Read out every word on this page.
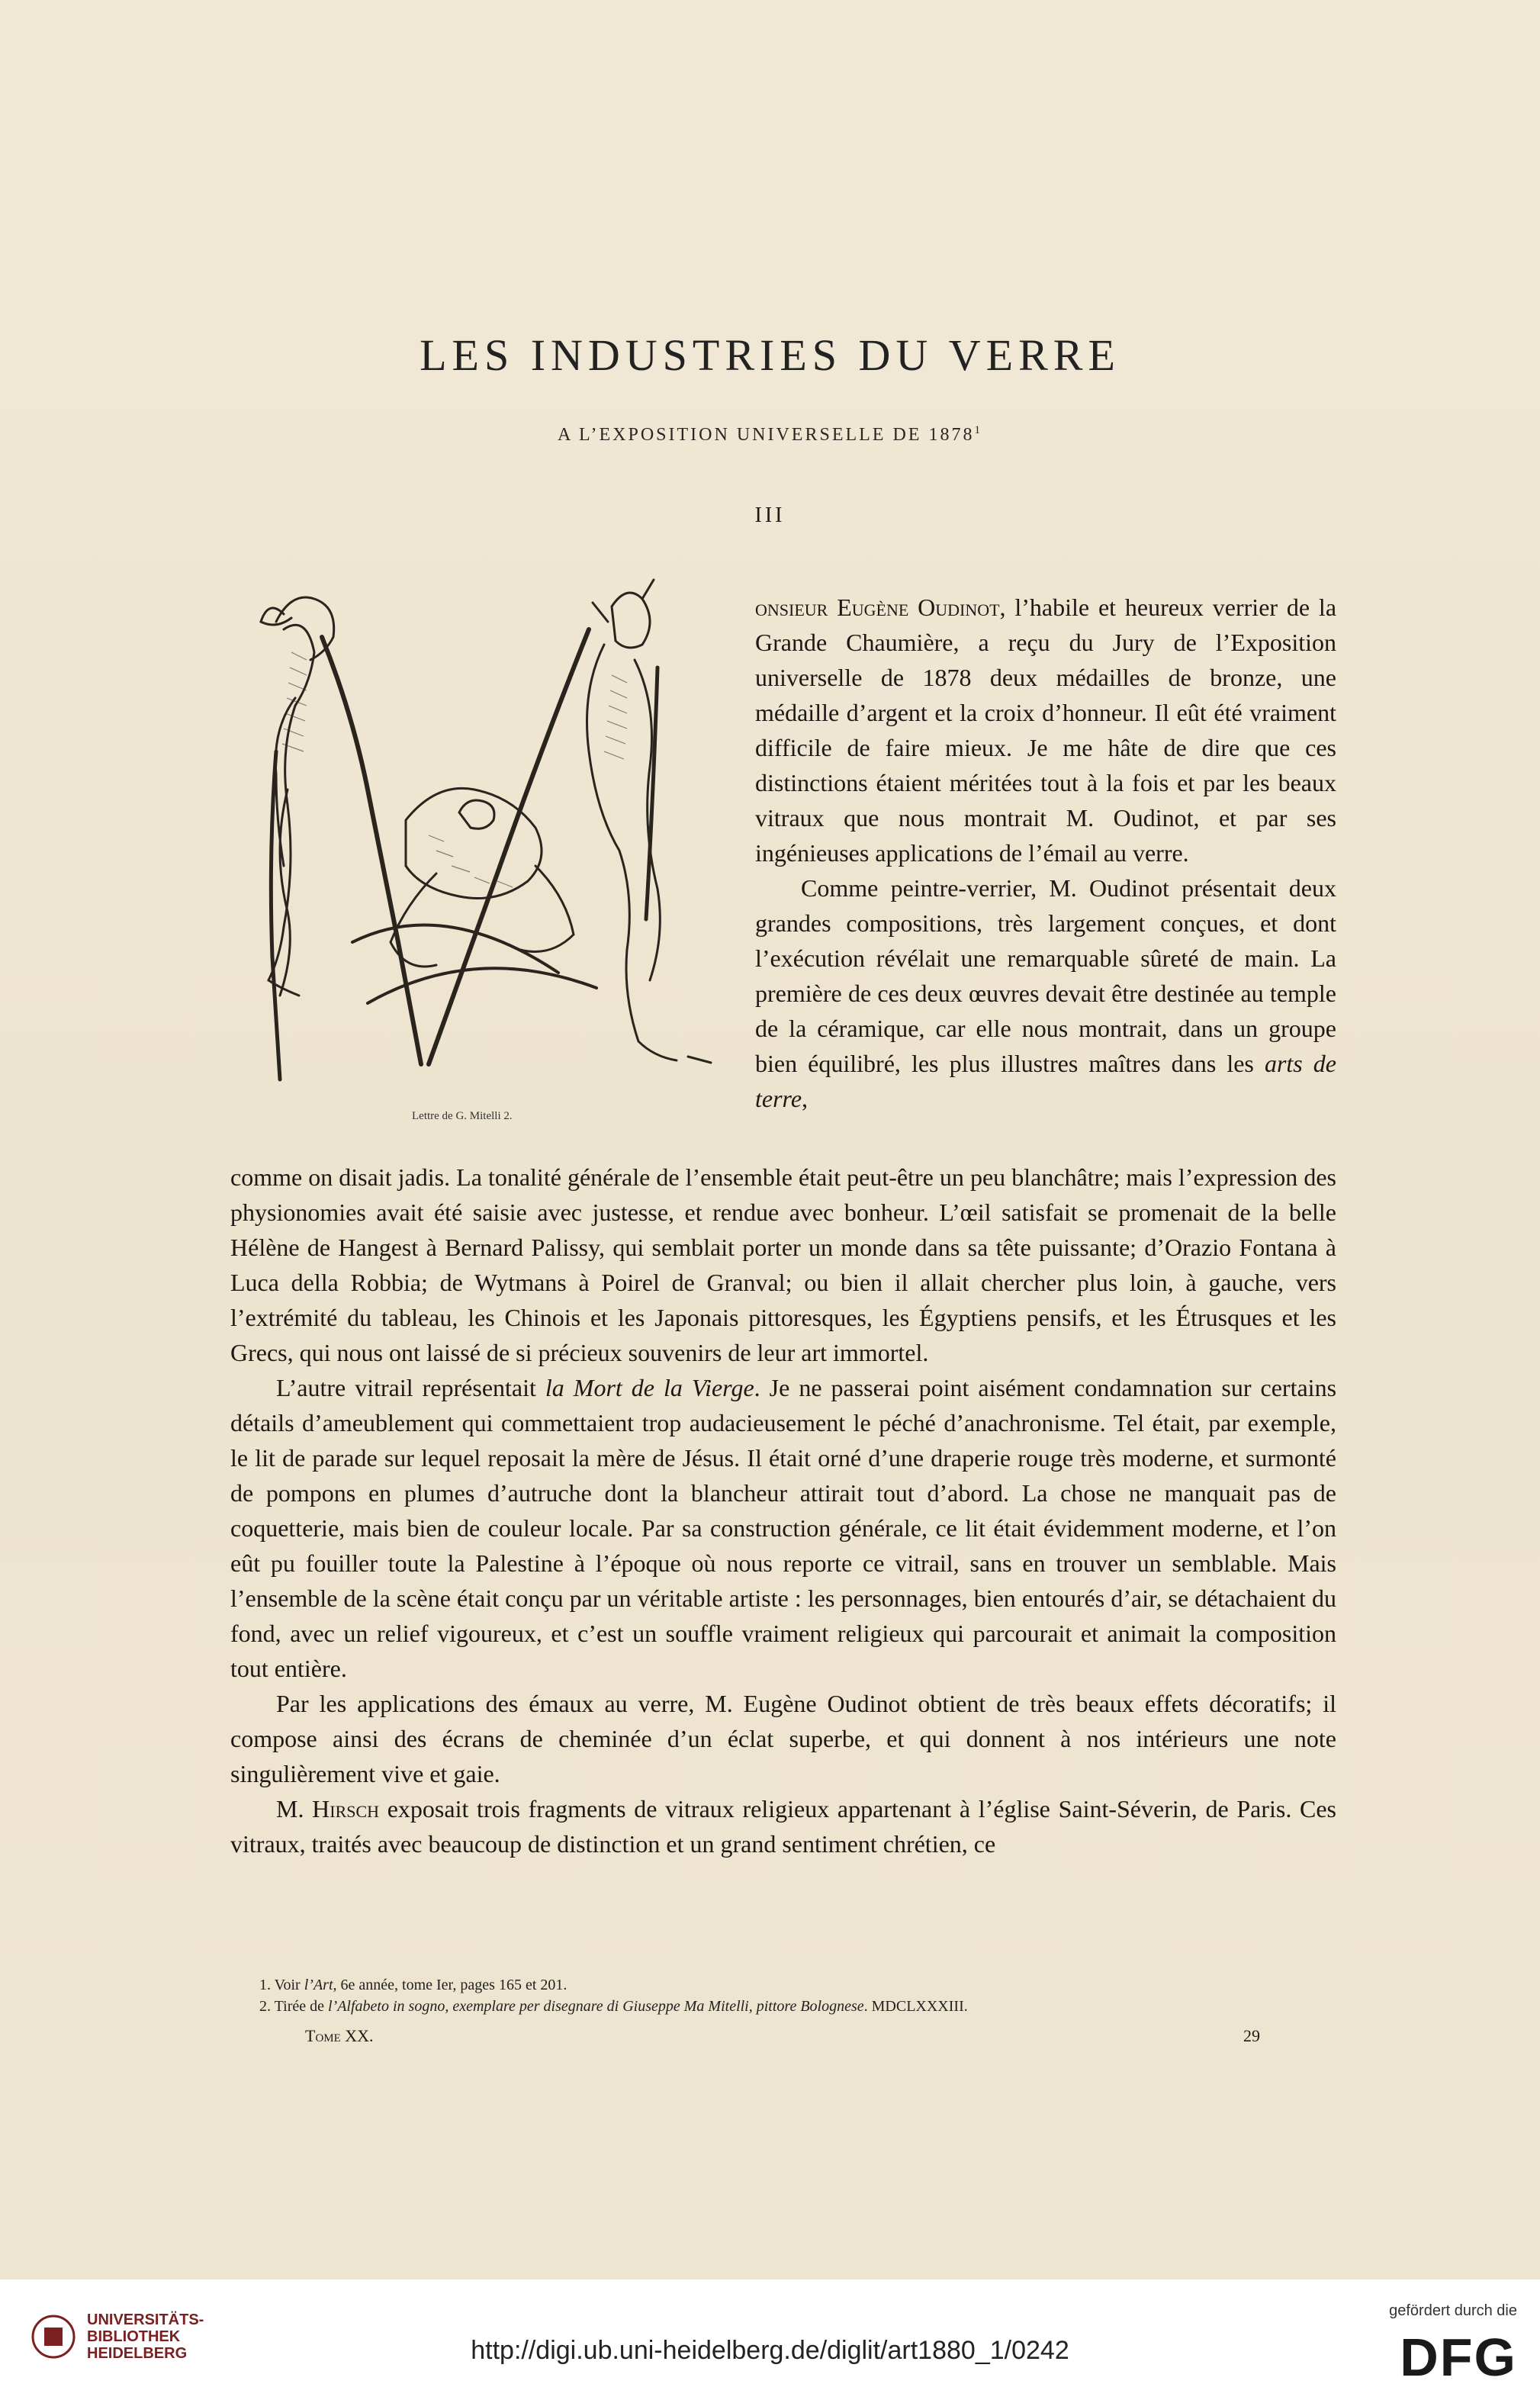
LES INDUSTRIES DU VERRE
A L’EXPOSITION UNIVERSELLE DE 1878$^1$
III
Lettre de G. Mitelli 2.

onsieur Eugène Oudinot, l’habile et heureux verrier de la Grande Chaumière, a reçu du Jury de l’Exposition universelle de 1878 deux médailles de bronze, une médaille d’argent et la croix d’honneur. Il eût été vraiment difficile de faire mieux. Je me hâte de dire que ces distinctions étaient méritées tout à la fois et par les beaux vitraux que nous montrait M. Oudinot, et par ses ingénieuses applications de l’émail au verre.

Comme peintre-verrier, M. Oudinot présentait deux grandes compositions, très largement conçues, et dont l’exécution révélait une remarquable sûreté de main. La première de ces deux œuvres devait être destinée au temple de la céramique, car elle nous montrait, dans un groupe bien équilibré, les plus illustres maîtres dans les arts de terre,

comme on disait jadis. La tonalité générale de l’ensemble était peut-être un peu blanchâtre; mais l’expression des physionomies avait été saisie avec justesse, et rendue avec bonheur. L’œil satisfait se promenait de la belle Hélène de Hangest à Bernard Palissy, qui semblait porter un monde dans sa tête puissante; d’Orazio Fontana à Luca della Robbia; de Wytmans à Poirel de Granval; ou bien il allait chercher plus loin, à gauche, vers l’extrémité du tableau, les Chinois et les Japonais pittoresques, les Égyptiens pensifs, et les Étrusques et les Grecs, qui nous ont laissé de si précieux souvenirs de leur art immortel.

L’autre vitrail représentait la Mort de la Vierge. Je ne passerai point aisément condamnation sur certains détails d’ameublement qui commettaient trop audacieusement le péché d’anachronisme. Tel était, par exemple, le lit de parade sur lequel reposait la mère de Jésus. Il était orné d’une draperie rouge très moderne, et surmonté de pompons en plumes d’autruche dont la blancheur attirait tout d’abord. La chose ne manquait pas de coquetterie, mais bien de couleur locale. Par sa construction générale, ce lit était évidemment moderne, et l’on eût pu fouiller toute la Palestine à l’époque où nous reporte ce vitrail, sans en trouver un semblable. Mais l’ensemble de la scène était conçu par un véritable artiste : les personnages, bien entourés d’air, se détachaient du fond, avec un relief vigoureux, et c’est un souffle vraiment religieux qui parcourait et animait la composition tout entière.

Par les applications des émaux au verre, M. Eugène Oudinot obtient de très beaux effets décoratifs; il compose ainsi des écrans de cheminée d’un éclat superbe, et qui donnent à nos intérieurs une note singulièrement vive et gaie.

M. Hirsch exposait trois fragments de vitraux religieux appartenant à l’église Saint-Séverin, de Paris. Ces vitraux, traités avec beaucoup de distinction et un grand sentiment chrétien, ce

1. Voir l’Art, 6e année, tome Ier, pages 165 et 201.
2. Tirée de l’Alfabeto in sogno, exemplare per disegnare di Giuseppe Ma Mitelli, pittore Bolognese. MDCLXXXIII.
Tome XX.	29
UNIVERSITÄTS-
BIBLIOTHEK
HEIDELBERG	http://digi.ub.uni-heidelberg.de/diglit/art1880_1/0242
gefördert durch die
DFG
